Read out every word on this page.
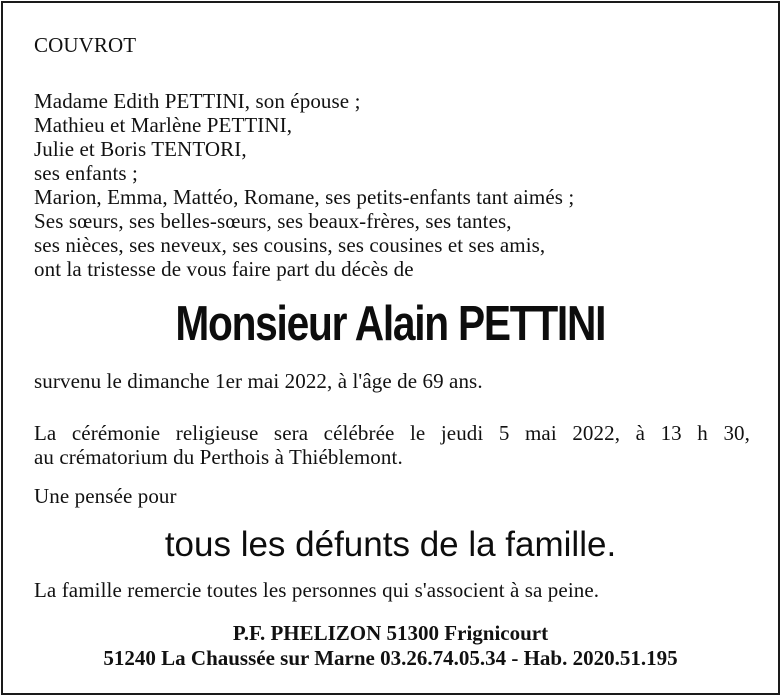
COUVROT
Madame Edith PETTINI, son épouse ;
Mathieu et Marlène PETTINI,
Julie et Boris TENTORI,
ses enfants ;
Marion, Emma, Mattéo, Romane, ses petits-enfants tant aimés ;
Ses sœurs, ses belles-sœurs, ses beaux-frères, ses tantes,
ses nièces, ses neveux, ses cousins, ses cousines et ses amis,
ont la tristesse de vous faire part du décès de
Monsieur Alain PETTINI
survenu le dimanche 1er mai 2022, à l'âge de 69 ans.
La cérémonie religieuse sera célébrée le jeudi 5 mai 2022, à 13 h 30,
au crématorium du Perthois à Thiéblemont.
Une pensée pour
tous les défunts de la famille.
La famille remercie toutes les personnes qui s'associent à sa peine.
P.F. PHELIZON 51300 Frignicourt
51240 La Chaussée sur Marne 03.26.74.05.34 - Hab. 2020.51.195
